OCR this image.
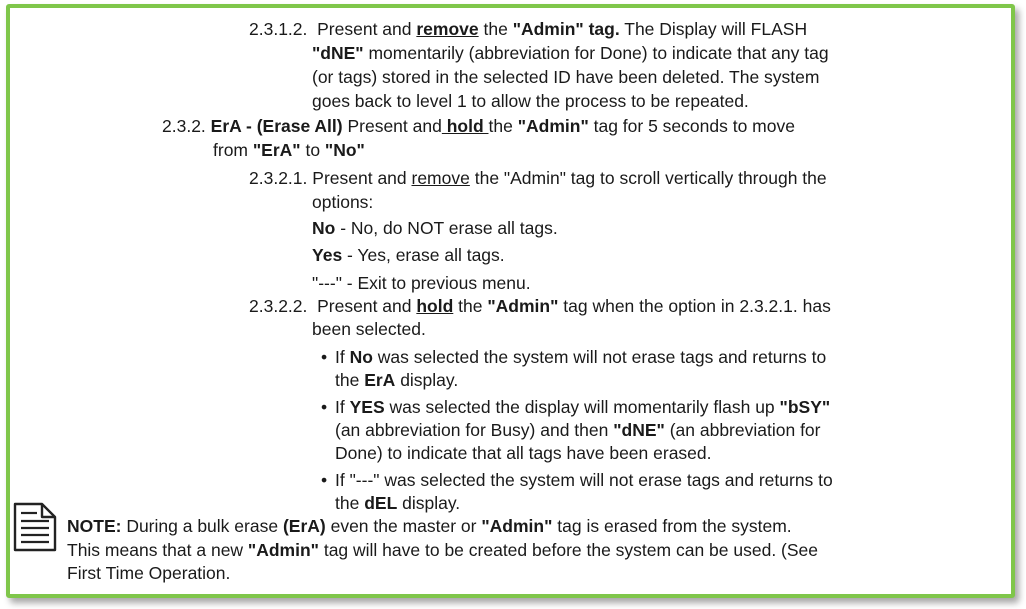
2.3.1.2. Present and remove the "Admin" tag. The Display will FLASH
"dNE" momentarily (abbreviation for Done) to indicate that any tag
(or tags) stored in the selected ID have been deleted. The system
goes back to level 1 to allow the process to be repeated.
2.3.2. ErA - (Erase All) Present and hold the "Admin" tag for 5 seconds to move
from "ErA" to "No"
2.3.2.1. Present and remove the "Admin" tag to scroll vertically through the
options:
No - No, do NOT erase all tags.
Yes - Yes, erase all tags.
"---" - Exit to previous menu.
2.3.2.2. Present and hold the "Admin" tag when the option in 2.3.2.1. has
been selected.
• If No was selected the system will not erase tags and returns to
the ErA display.
• If YES was selected the display will momentarily flash up "bSY"
(an abbreviation for Busy) and then "dNE" (an abbreviation for
Done) to indicate that all tags have been erased.
• If "---" was selected the system will not erase tags and returns to
the dEL display.
NOTE: During a bulk erase (ErA) even the master or "Admin" tag is erased from the system.
This means that a new "Admin" tag will have to be created before the system can be used. (See
First Time Operation.
